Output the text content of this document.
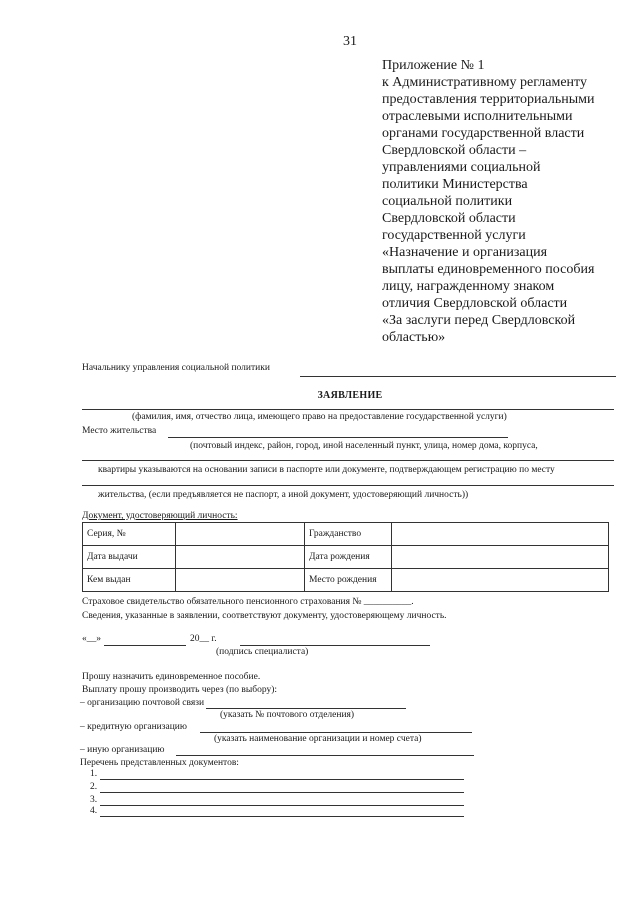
31
Приложение № 1
к Административному регламенту
предоставления территориальными
отраслевыми исполнительными
органами государственной власти
Свердловской области –
управлениями социальной
политики Министерства
социальной политики
Свердловской области
государственной услуги
«Назначение и организация
выплаты единовременного пособия
лицу, награжденному знаком
отличия Свердловской области
«За заслуги перед Свердловской
областью»
Начальнику управления социальной политики
ЗАЯВЛЕНИЕ
(фамилия, имя, отчество лица, имеющего право на предоставление государственной услуги)
Место жительства
(почтовый индекс, район, город, иной населенный пункт, улица, номер дома, корпуса,
квартиры указываются на основании записи в паспорте или документе, подтверждающем регистрацию по месту
жительства, (если предъявляется не паспорт, а иной документ, удостоверяющий личность))
Документ, удостоверяющий личность:
Серия, №		Гражданство	
Дата выдачи		Дата рождения	
Кем выдан		Место рождения	
Страховое свидетельство обязательного пенсионного страхования № __________.
Сведения, указанные в заявлении, соответствуют документу, удостоверяющему личность.
«__»	20__ г.
(подпись специалиста)
Прошу назначить единовременное пособие.
Выплату прошу производить через (по выбору):
– организацию почтовой связи
(указать № почтового отделения)
– кредитную организацию
(указать наименование организации и номер счета)
– иную организацию
Перечень представленных документов:
1.
2.
3.
4.
